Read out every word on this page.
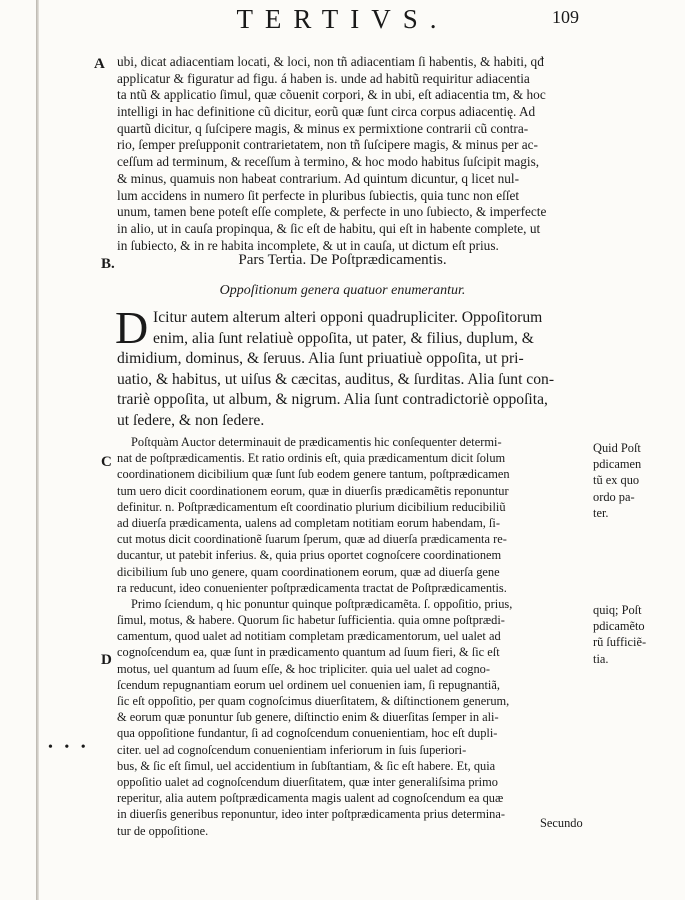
TERTIVS.	109
A
B.
C
D
ubi, dicat adiacentiam locati, & loci, non tñ adiacentiam ſi habentis, & habiti, qđ
applicatur & figuratur ad figu. á haben is. unde ad habitũ requiritur adiacentia
ta ntũ & applicatio ſimul, quæ cõuenit corpori, & in ubi, eſt adiacentia tm, & hoc
intelligi in hac definitione cũ dicitur, eorũ quæ ſunt circa corpus adiacentię. Ad
quartũ dicitur, q ſuſcipere magis, & minus ex permixtione contrarii cũ contra-
rio, ſemper preſupponit contrarietatem, non tñ ſuſcipere magis, & minus per ac-
ceſſum ad terminum, & receſſum à termino, & hoc modo habitus ſuſcipit magis,
& minus, quamuis non habeat contrarium. Ad quintum dicuntur, q licet nul-
lum accidens in numero ſit perfecte in pluribus ſubiectis, quia tunc non eſſet
unum, tamen bene poteſt eſſe complete, & perfecte in uno ſubiecto, & imperfecte
in alio, ut in cauſa propinqua, & ſic eſt de habitu, qui eſt in habente complete, ut
in ſubiecto, & in re habita incomplete, & ut in cauſa, ut dictum eſt prius.
Pars Tertia. De Poſtprædicamentis.
Oppoſitionum genera quatuor enumerantur.
D Icitur autem alterum alteri opponi quadrupliciter. Oppoſitorum
enim, alia ſunt relatiuè oppoſita, ut pater, & filius, duplum, &
dimidium, dominus, & ſeruus. Alia ſunt priuatiuè oppoſita, ut pri-
uatio, & habitus, ut uiſus & cæcitas, auditus, & ſurditas. Alia ſunt con-
trariè oppoſita, ut album, & nigrum. Alia ſunt contradictoriè oppoſita,
ut ſedere, & non ſedere.
Poſtquàm Auctor determinauit de prædicamentis hic conſequenter determi-
nat de poſtprædicamentis. Et ratio ordinis eſt, quia prædicamentum dicit ſolum
coordinationem dicibilium quæ ſunt ſub eodem genere tantum, poſtprædicamen
tum uero dicit coordinationem eorum, quæ in diuerſis prædicamẽtis reponuntur
definitur. n. Poſtprædicamentum eſt coordinatio plurium dicibilium reducibiliũ
ad diuerſa prædicamenta, ualens ad completam notitiam eorum habendam, ſi-
cut motus dicit coordinationẽ ſuarum ſperum, quæ ad diuerſa prædicamenta re-
ducantur, ut patebit inferius. &, quia prius oportet cognoſcere coordinationem
dicibilium ſub uno genere, quam coordinationem eorum, quæ ad diuerſa gene
ra reducunt, ideo conuenienter poſtprædicamenta tractat de Poſtprædicamentis.
Primo ſciendum, q hic ponuntur quinque poſtprædicamẽta. ſ. oppoſitio, prius,
ſimul, motus, & habere. Quorum ſic habetur ſufficientia. quia omne poſtprædi-
camentum, quod ualet ad notitiam completam prædicamentorum, uel ualet ad
cognoſcendum ea, quæ ſunt in prædicamento quantum ad ſuum fieri, & ſic eſt
motus, uel quantum ad ſuum eſſe, & hoc tripliciter. quia uel ualet ad cogno-
ſcendum repugnantiam eorum uel ordinem uel conuenien iam, ſi repugnantiã,
ſic eſt oppoſitio, per quam cognoſcimus diuerſitatem, & diſtinctionem generum,
& eorum quæ ponuntur ſub genere, diſtinctio enim & diuerſitas ſemper in ali-
qua oppoſitione fundantur, ſi ad cognoſcendum conuenientiam, hoc eſt dupli-
citer. uel ad cognoſcendum conuenientiam inferiorum in ſuis ſuperiori-
bus, & ſic eſt ſimul, uel accidentium in ſubſtantiam, & ſic eſt habere. Et, quia
oppoſitio ualet ad cognoſcendum diuerſitatem, quæ inter generaliſsima primo
reperitur, alia autem poſtprædicamenta magis ualent ad cognoſcendum ea quæ
in diuerſis generibus reponuntur, ideo inter poſtprædicamenta prius determina-
tur de oppoſitione.
Quid Poſt
pdicamen
tũ ex quo
ordo pa-
ter.
quiq; Poſt
pdicamẽto
rũ ſufficiẽ-
tia.
• • •
Secundo
